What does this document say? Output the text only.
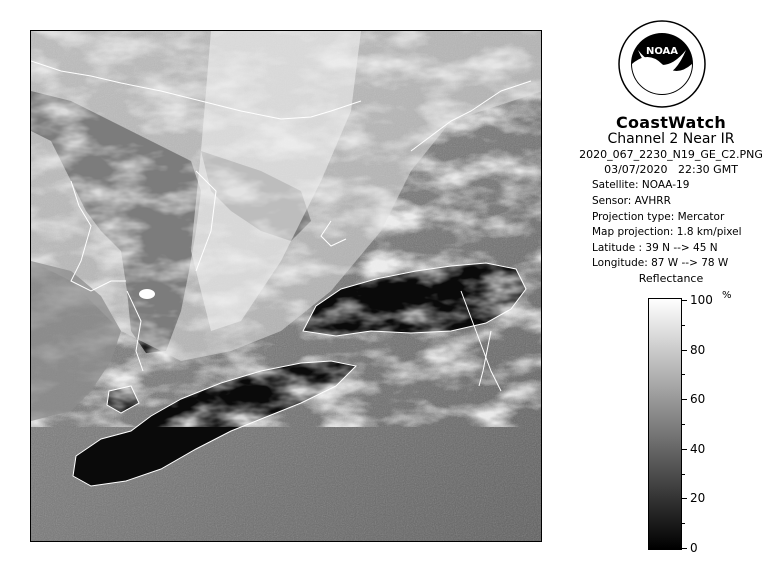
NOAA
CoastWatch
Channel 2 Near IR
2020_067_2230_N19_GE_C2.PNG
03/07/2020 22:30 GMT
Satellite: NOAA-19
Sensor: AVHRR
Projection type: Mercator
Map projection: 1.8 km/pixel
Latitude : 39 N --> 45 N
Longitude: 87 W --> 78 W
Reflectance
%
100
80
60
40
20
0
